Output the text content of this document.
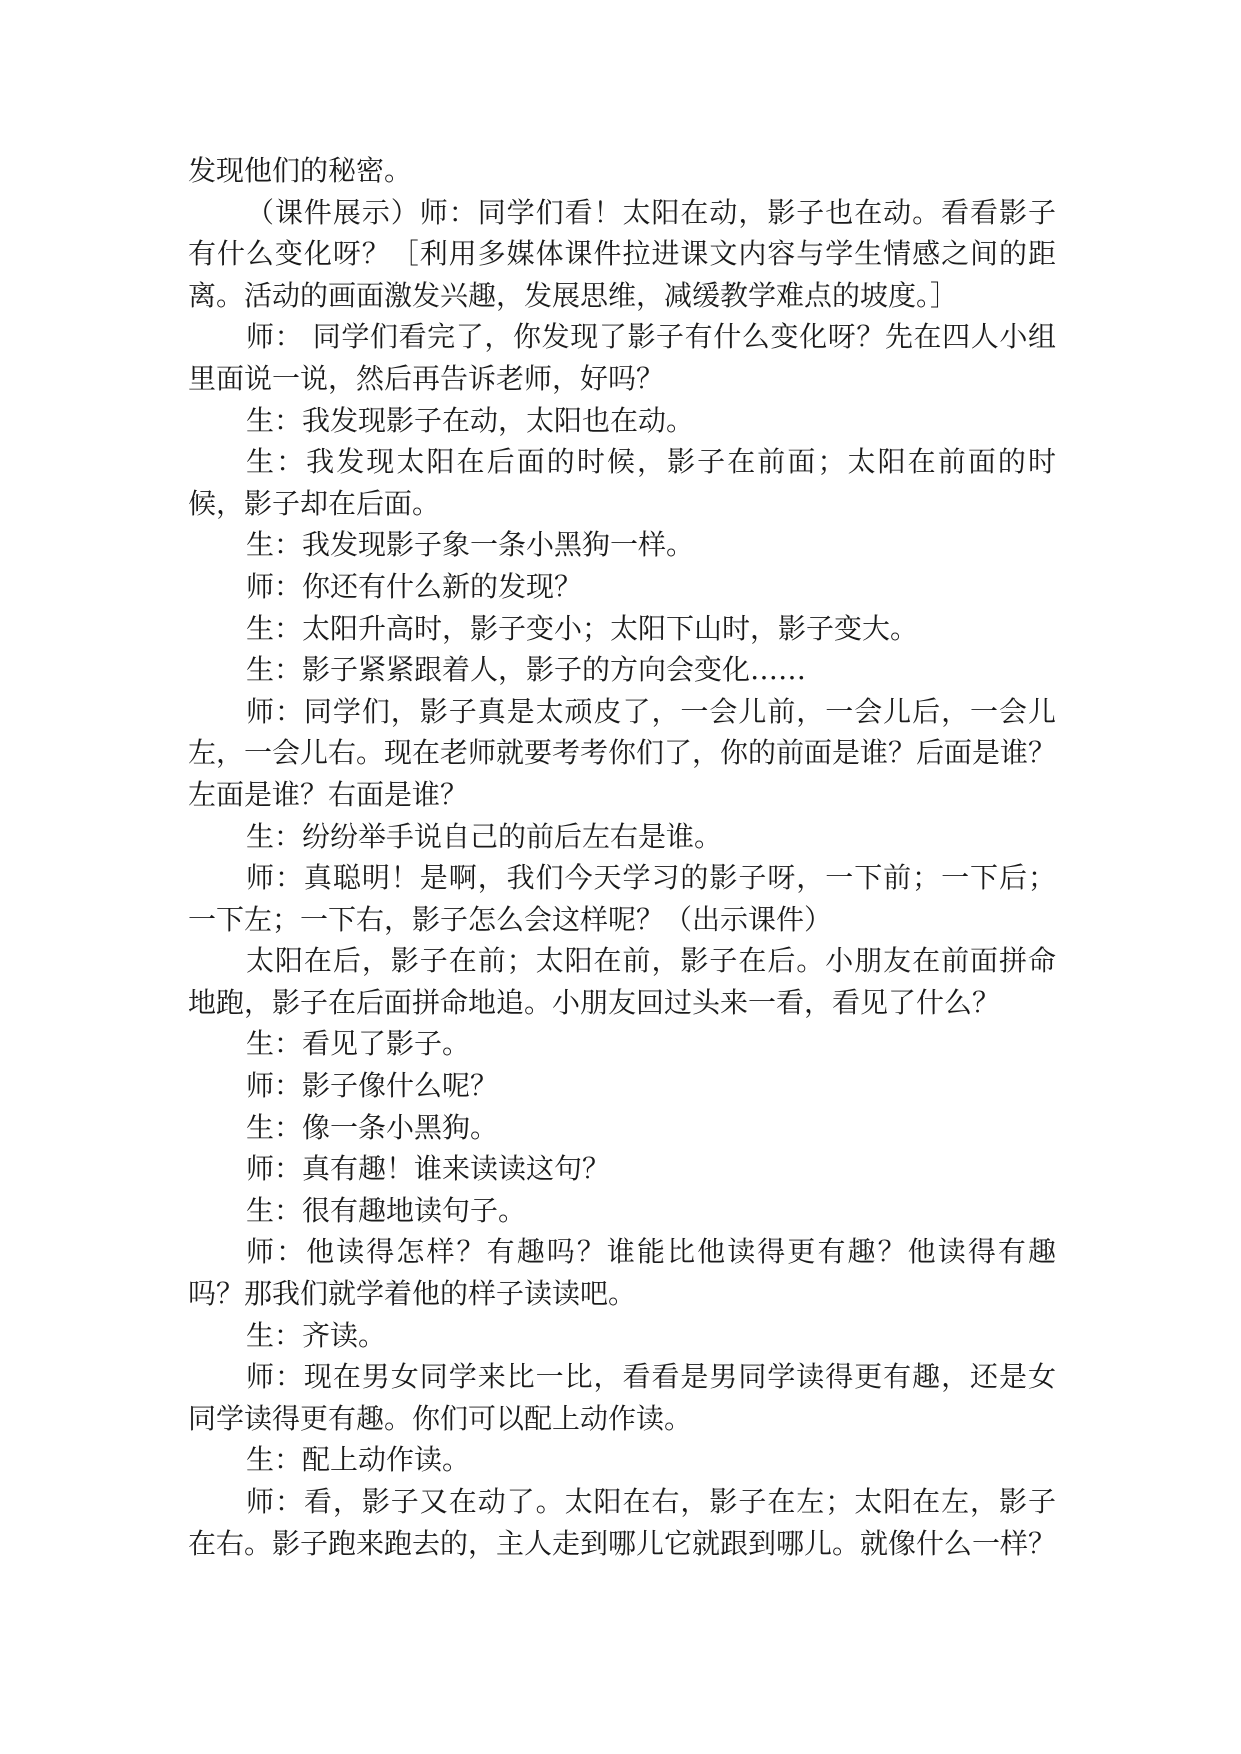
发现他们的秘密。

（课件展示）师：同学们看！太阳在动，影子也在动。看看影子有什么变化呀？［利用多媒体课件拉进课文内容与学生情感之间的距离。活动的画面激发兴趣，发展思维，减缓教学难点的坡度。］

师： 同学们看完了，你发现了影子有什么变化呀？先在四人小组里面说一说，然后再告诉老师，好吗？

生：我发现影子在动，太阳也在动。

生：我发现太阳在后面的时候，影子在前面；太阳在前面的时候，影子却在后面。

生：我发现影子象一条小黑狗一样。

师：你还有什么新的发现？

生：太阳升高时，影子变小；太阳下山时，影子变大。

生：影子紧紧跟着人，影子的方向会变化……

师：同学们，影子真是太顽皮了，一会儿前，一会儿后，一会儿左，一会儿右。现在老师就要考考你们了，你的前面是谁？后面是谁？左面是谁？右面是谁？

生：纷纷举手说自己的前后左右是谁。

师：真聪明！是啊，我们今天学习的影子呀，一下前；一下后；一下左；一下右，影子怎么会这样呢？（出示课件）

太阳在后，影子在前；太阳在前，影子在后。小朋友在前面拼命地跑，影子在后面拼命地追。小朋友回过头来一看，看见了什么？

生：看见了影子。

师：影子像什么呢？

生：像一条小黑狗。

师：真有趣！谁来读读这句？

生：很有趣地读句子。

师：他读得怎样？有趣吗？谁能比他读得更有趣？他读得有趣吗？那我们就学着他的样子读读吧。

生：齐读。

师：现在男女同学来比一比，看看是男同学读得更有趣，还是女同学读得更有趣。你们可以配上动作读。

生：配上动作读。

师：看，影子又在动了。太阳在右，影子在左；太阳在左，影子在右。影子跑来跑去的，主人走到哪儿它就跟到哪儿。就像什么一样？
